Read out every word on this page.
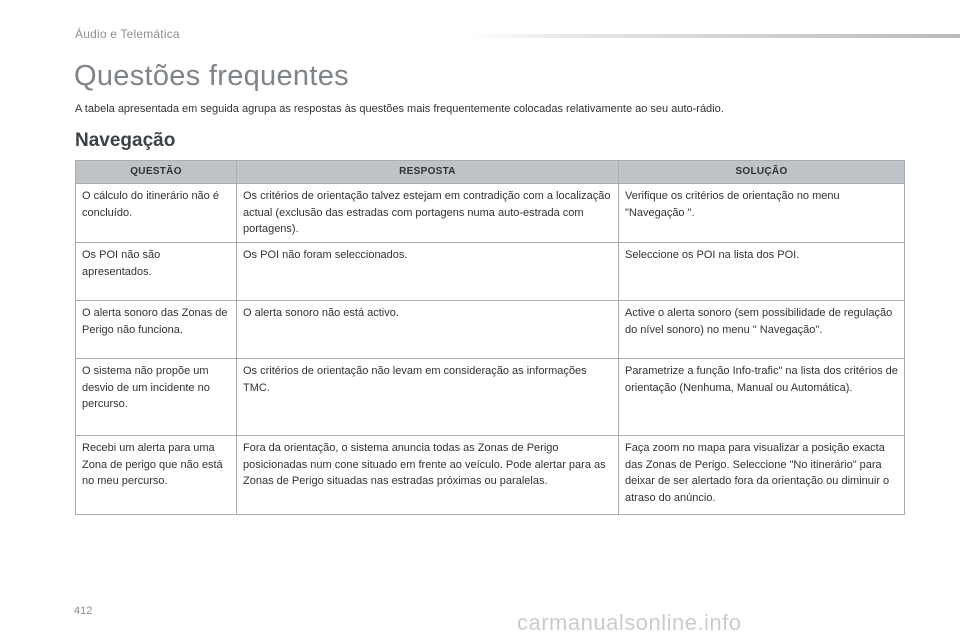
Áudio e Telemática
Questões frequentes

A tabela apresentada em seguida agrupa as respostas às questões mais frequentemente colocadas relativamente ao seu auto-rádio.

Navegação
QUESTÃO	RESPOSTA	SOLUÇÃO
O cálculo do itinerário não é concluído.	Os critérios de orientação talvez estejam em contradição com a localização actual (exclusão das estradas com portagens numa auto-estrada com portagens).	Verifique os critérios de orientação no menu "Navegação ".
Os POI não são apresentados.	Os POI não foram seleccionados.	Seleccione os POI na lista dos POI.
O alerta sonoro das Zonas de Perigo não funciona.	O alerta sonoro não está activo.	Active o alerta sonoro (sem possibilidade de regulação do nível sonoro) no menu " Navegação".
O sistema não propõe um desvio de um incidente no percurso.	Os critérios de orientação não levam em consideração as informações TMC.	Parametrize a função Info-trafic" na lista dos critérios de orientação (Nenhuma, Manual ou Automática).
Recebi um alerta para uma Zona de perigo que não está no meu percurso.	Fora da orientação, o sistema anuncia todas as Zonas de Perigo posicionadas num cone situado em frente ao veículo. Pode alertar para as Zonas de Perigo situadas nas estradas próximas ou paralelas.	Faça zoom no mapa para visualizar a posição exacta das Zonas de Perigo. Seleccione "No itinerário" para deixar de ser alertado fora da orientação ou diminuir o atraso do anúncio.
412	carmanualsonline.info
